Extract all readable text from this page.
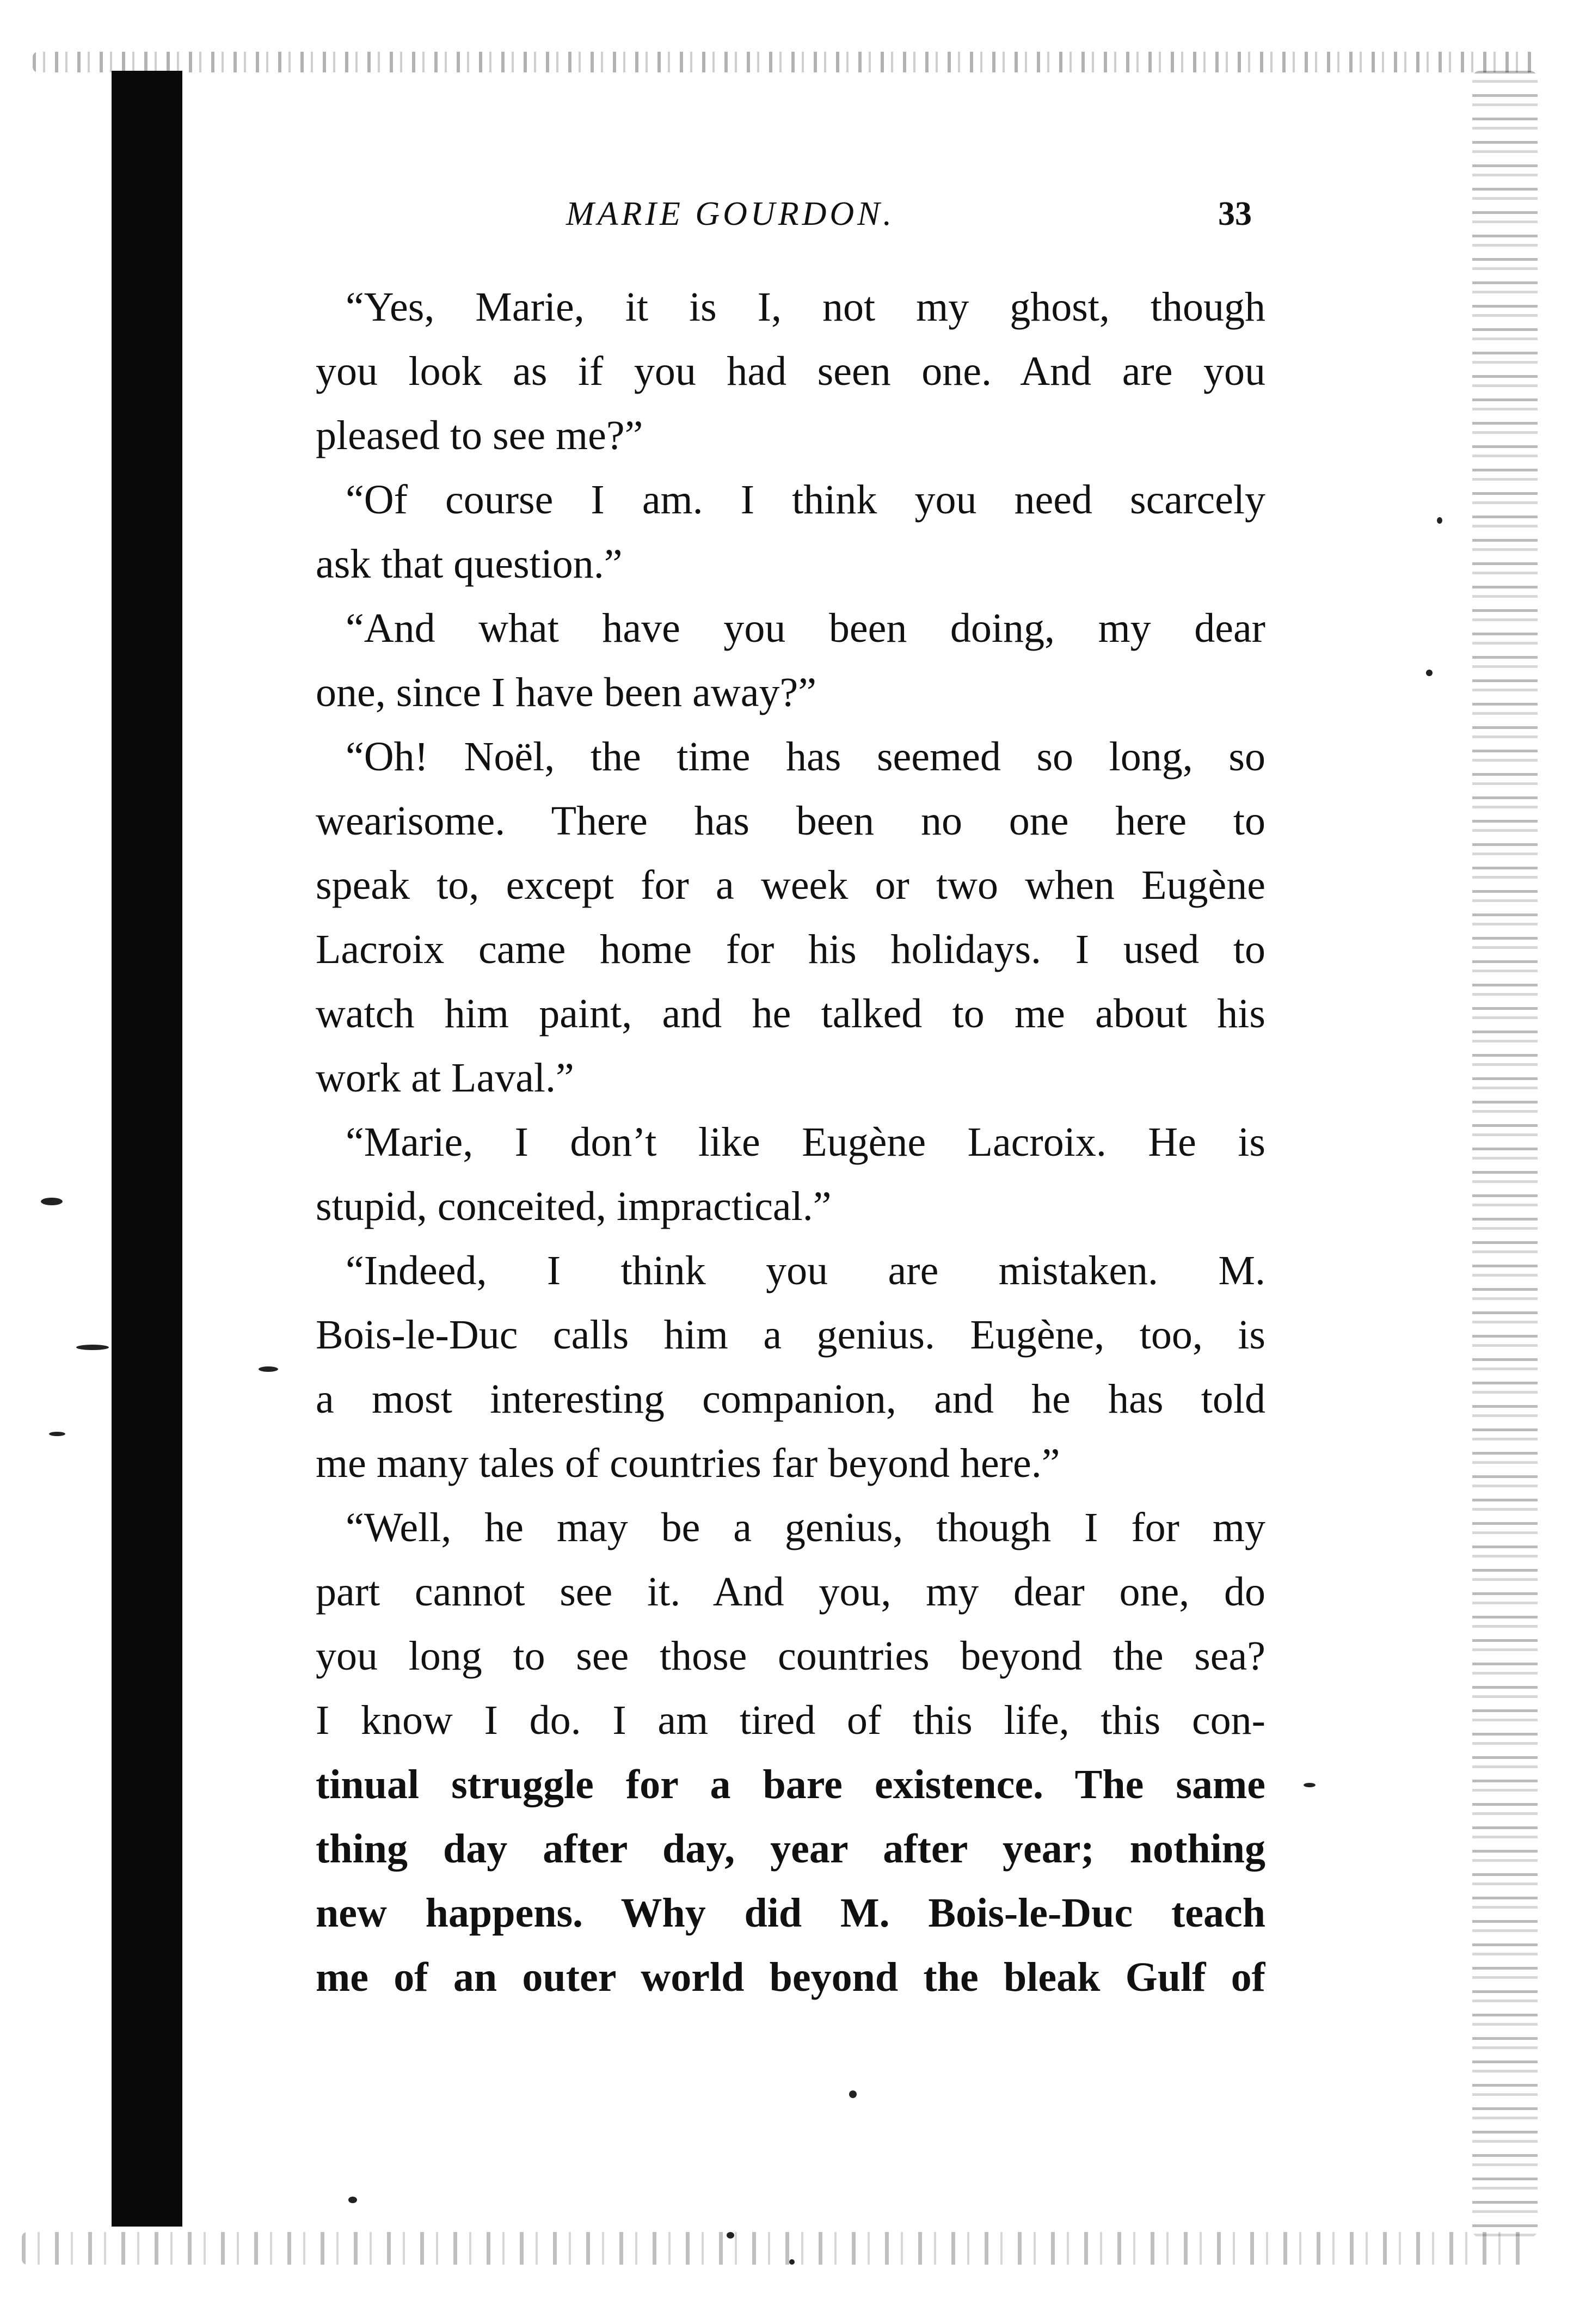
MARIE GOURDON.	33
“Yes, Marie, it is I, not my ghost, though
you look as if you had seen one. And are you
pleased to see me?”
“Of course I am. I think you need scarcely
ask that question.”
“And what have you been doing, my dear
one, since I have been away?”
“Oh! Noël, the time has seemed so long, so
wearisome. There has been no one here to
speak to, except for a week or two when Eugène
Lacroix came home for his holidays. I used to
watch him paint, and he talked to me about his
work at Laval.”
“Marie, I don’t like Eugène Lacroix. He is
stupid, conceited, impractical.”
“Indeed, I think you are mistaken. M.
Bois-le-Duc calls him a genius. Eugène, too, is
a most interesting companion, and he has told
me many tales of countries far beyond here.”
“Well, he may be a genius, though I for my
part cannot see it. And you, my dear one, do
you long to see those countries beyond the sea?
I know I do. I am tired of this life, this con-
tinual struggle for a bare existence. The same
thing day after day, year after year; nothing
new happens. Why did M. Bois-le-Duc teach
me of an outer world beyond the bleak Gulf of
